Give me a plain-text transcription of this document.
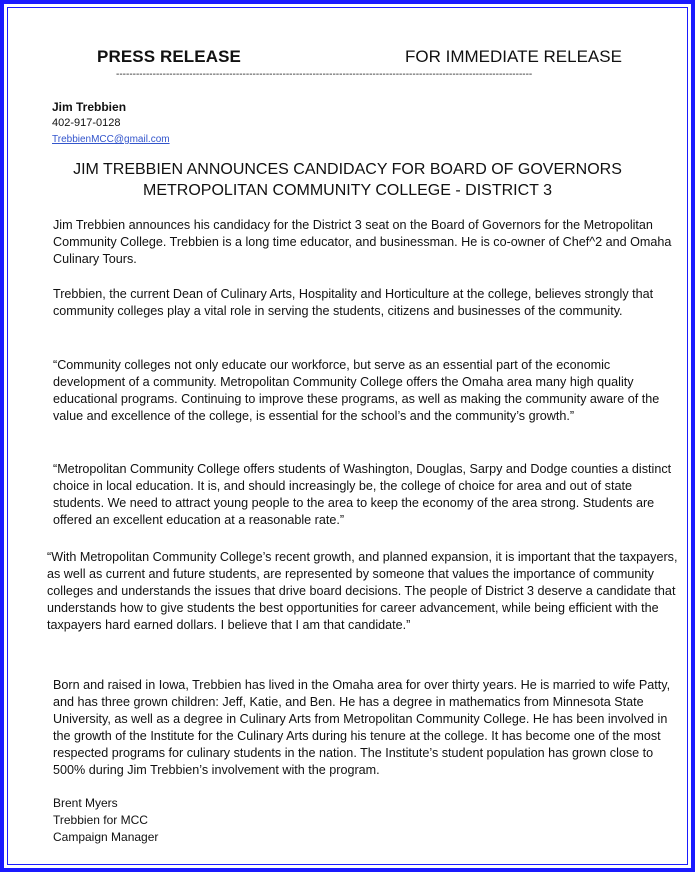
PRESS RELEASE	FOR IMMEDIATE RELEASE
-----------------------------------------------------------------------------------------------------------------------------
Jim Trebbien
402-917-0128
TrebbienMCC@gmail.com
JIM TREBBIEN ANNOUNCES CANDIDACY FOR BOARD OF GOVERNORS
METROPOLITAN COMMUNITY COLLEGE - DISTRICT 3
Jim Trebbien announces his candidacy for the District 3 seat on the Board of Governors for the Metropolitan Community College. Trebbien is a long time educator, and businessman. He is co-owner of Chef^2 and Omaha Culinary Tours.
Trebbien, the current Dean of Culinary Arts, Hospitality and Horticulture at the college, believes strongly that community colleges play a vital role in serving the students, citizens and businesses of the community.
“Community colleges not only educate our workforce, but serve as an essential part of the economic development of a community. Metropolitan Community College offers the Omaha area many high quality educational programs. Continuing to improve these programs, as well as making the community aware of the value and excellence of the college, is essential for the school’s and the community’s growth.”
“Metropolitan Community College offers students of Washington, Douglas, Sarpy and Dodge counties a distinct choice in local education. It is, and should increasingly be, the college of choice for area and out of state students. We need to attract young people to the area to keep the economy of the area strong. Students are offered an excellent education at a reasonable rate.”
“With Metropolitan Community College’s recent growth, and planned expansion, it is important that the taxpayers, as well as current and future students, are represented by someone that values the importance of community colleges and understands the issues that drive board decisions. The people of District 3 deserve a candidate that understands how to give students the best opportunities for career advancement, while being efficient with the taxpayers hard earned dollars. I believe that I am that candidate.”
Born and raised in Iowa, Trebbien has lived in the Omaha area for over thirty years. He is married to wife Patty, and has three grown children: Jeff, Katie, and Ben. He has a degree in mathematics from Minnesota State University, as well as a degree in Culinary Arts from Metropolitan Community College. He has been involved in the growth of the Institute for the Culinary Arts during his tenure at the college. It has become one of the most respected programs for culinary students in the nation. The Institute’s student population has grown close to 500% during Jim Trebbien’s involvement with the program.
Brent Myers
Trebbien for MCC
Campaign Manager
